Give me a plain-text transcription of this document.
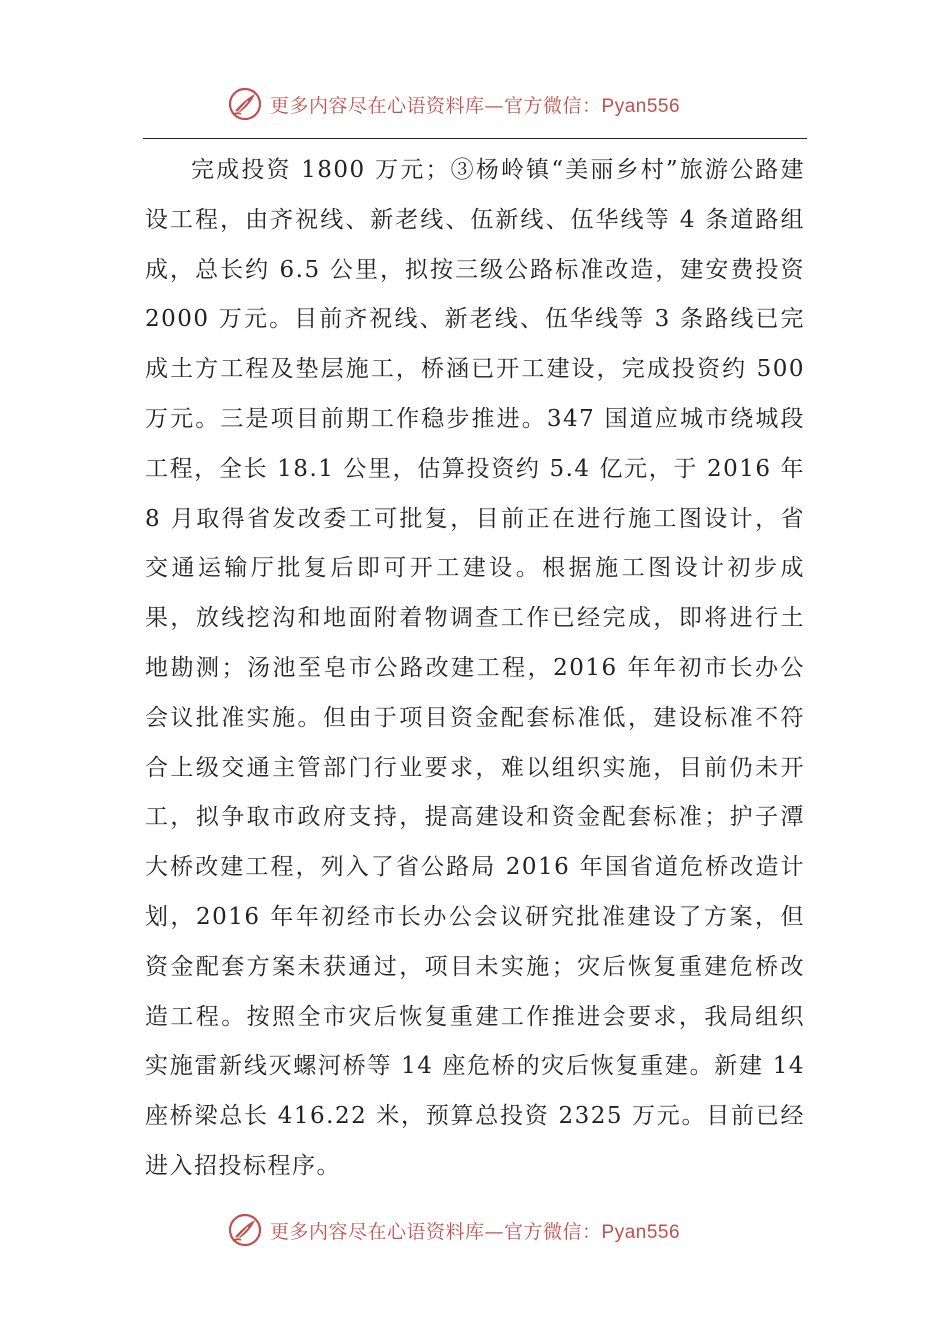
更多内容尽在心语资料库—官方微信：Pyan556

完成投资 1800 万元；③杨岭镇“美丽乡村”旅游公路建设工程，由齐祝线、新老线、伍新线、伍华线等 4 条道路组成，总长约 6.5 公里，拟按三级公路标准改造，建安费投资 2000 万元。目前齐祝线、新老线、伍华线等 3 条路线已完成土方工程及垫层施工，桥涵已开工建设，完成投资约 500 万元。三是项目前期工作稳步推进。347 国道应城市绕城段工程，全长 18.1 公里，估算投资约 5.4 亿元，于 2016 年 8 月取得省发改委工可批复，目前正在进行施工图设计，省交通运输厅批复后即可开工建设。根据施工图设计初步成果，放线挖沟和地面附着物调查工作已经完成，即将进行土地勘测；汤池至皂市公路改建工程，2016 年年初市长办公会议批准实施。但由于项目资金配套标准低，建设标准不符合上级交通主管部门行业要求，难以组织实施，目前仍未开工，拟争取市政府支持，提高建设和资金配套标准；护子潭大桥改建工程，列入了省公路局 2016 年国省道危桥改造计划，2016 年年初经市长办公会议研究批准建设了方案，但资金配套方案未获通过，项目未实施；灾后恢复重建危桥改造工程。按照全市灾后恢复重建工作推进会要求，我局组织实施雷新线灭螺河桥等 14 座危桥的灾后恢复重建。新建 14 座桥梁总长 416.22 米，预算总投资 2325 万元。目前已经进入招投标程序。

更多内容尽在心语资料库—官方微信：Pyan556
